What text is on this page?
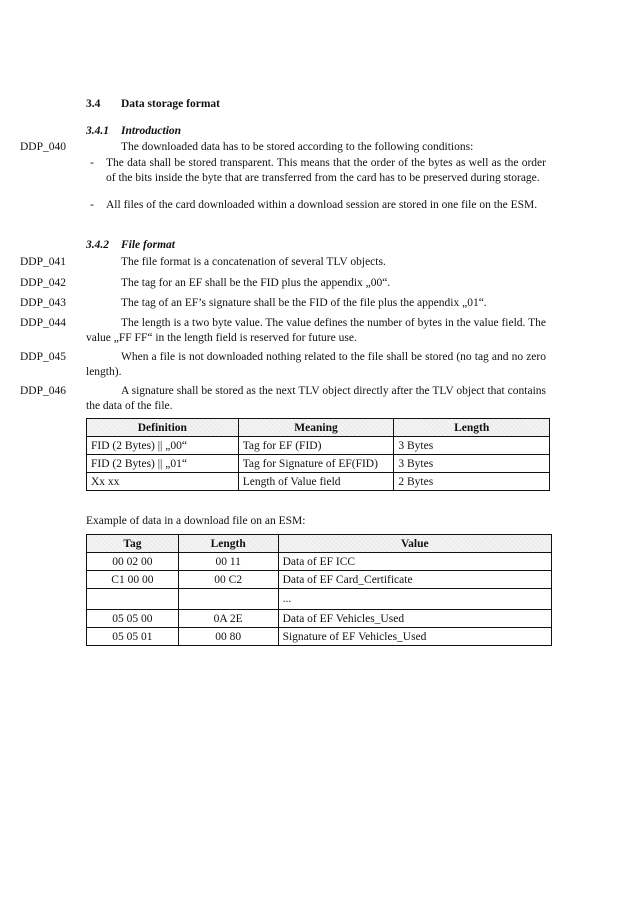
3.4 Data storage format
3.4.1 Introduction
DDP_040	The downloaded data has to be stored according to the following conditions:
- The data shall be stored transparent. This means that the order of the bytes as well as the order of the bits inside the byte that are transferred from the card has to be preserved during storage.
- All files of the card downloaded within a download session are stored in one file on the ESM.
3.4.2 File format
DDP_041	The file format is a concatenation of several TLV objects.
DDP_042	The tag for an EF shall be the FID plus the appendix „00“.
DDP_043	The tag of an EF’s signature shall be the FID of the file plus the appendix „01“.
DDP_044	The length is a two byte value. The value defines the number of bytes in the value field. The value „FF FF“ in the length field is reserved for future use.
DDP_045	When a file is not downloaded nothing related to the file shall be stored (no tag and no zero length).
DDP_046	A signature shall be stored as the next TLV object directly after the TLV object that contains the data of the file.
Definition	Meaning	Length
FID (2 Bytes) || „00“	Tag for EF (FID)	3 Bytes
FID (2 Bytes) || „01“	Tag for Signature of EF(FID)	3 Bytes
Xx xx	Length of Value field	2 Bytes
Example of data in a download file on an ESM:
Tag	Length	Value
00 02 00	00 11	Data of EF ICC
C1 00 00	00 C2	Data of EF Card_Certificate
		...
05 05 00	0A 2E	Data of EF Vehicles_Used
05 05 01	00 80	Signature of EF Vehicles_Used
